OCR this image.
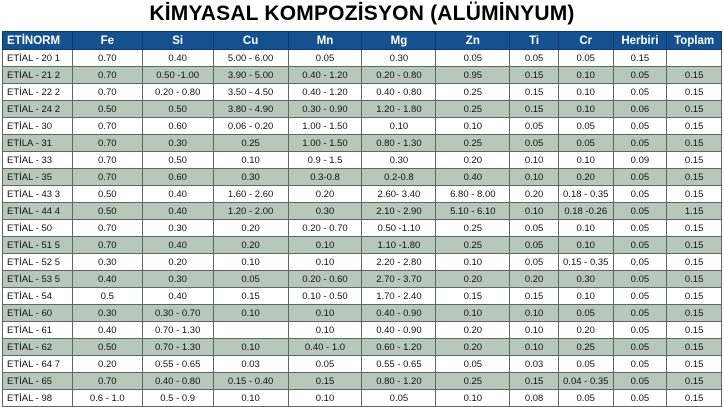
KİMYASAL KOMPOZİSYON (ALÜMİNYUM)
ETİNORM	Fe	Si	Cu	Mn	Mg	Zn	Ti	Cr	Herbiri	Toplam
ETİAL - 20 1	0.70	0.40	5.00 - 6.00	0.05	0.30	0.05	0.05	0.05	0.15	
ETİAL - 21 2	0.70	0.50 -1.00	3.90 - 5.00	0.40 - 1.20	0.20 - 0.80	0.95	0.15	0.10	0.05	0.15
ETİAL - 22 2	0.70	0.20 - 0.80	3.50 - 4.50	0.40 - 1.20	0.40 - 0.80	0.25	0.15	0.10	0.05	0.15
ETİAL - 24 2	0.50	0.50	3.80 - 4.90	0.30 - 0.90	1.20 - 1.80	0.25	0.15	0.10	0.06	0.15
ETİAL - 30	0.70	0.60	0.06 - 0.20	1.00 - 1.50	0.10	0.10	0.05	0.05	0.05	0.15
ETİLA - 31	0.70	0.30	0.25	1.00 - 1.50	0.80 - 1.30	0.25	0.05	0.05	0.05	0.15
ETİAL - 33	0.70	0.50	0.10	0.9 - 1.5	0.30	0.20	0.10	0.10	0.09	0.15
ETİAL - 35	0.70	0.60	0.30	0.3-0.8	0.2-0.8	0.40	0.10	0.20	0.05	0.15
ETİAL - 43 3	0.50	0.40	1.60 - 2.60	0.20	2.60- 3.40	6.80 - 8.00	0.20	0.18 - 0.35	0.05	0.15
ETİAL - 44 4	0.50	0.40	1.20 - 2.00	0.30	2.10 - 2.90	5.10 - 6.10	0.10	0.18 -0.26	0.05	1.15
ETİAL - 50	0.70	0.30	0.20	0.20 - 0.70	0.50 -1.10	0.25	0.05	0.10	0.05	0.15
ETİAL - 51 5	0.70	0.40	0.20	0.10	1.10 -1.80	0.25	0.05	0.10	0.05	0.15
ETİAL - 52 5	0.30	0.20	0.10	0.10	2.20 - 2.80	0.10	0.05	0.15 - 0.35	0.05	0.15
ETİAL - 53 5	0.40	0.30	0.05	0.20 - 0.60	2.70 - 3.70	0.20	0.20	0.30	0.05	0.15
ETİAL - 54	0.5	0.40	0.15	0.10 - 0.50	1.70 - 2.40	0.15	0.15	0.10	0.05	0.15
ETİAL - 60	0.30	0.30 - 0.70	0.10	0.10	0.40 - 0.90	0.10	0.10	0.05	0.05	0.15
ETİAL - 61	0.40	0.70 - 1.30		0.10	0.40 - 0.90	0.20	0.10	0.20	0.05	0.15
ETİAL - 62	0.50	0.70 - 1.30	0.10	0.40 - 1.0	0.60 - 1.20	0.20	0.10	0.25	0.05	0.15
ETİAL - 64 7	0.20	0.55 - 0.65	0.03	0.05	0.55 - 0.65	0.05	0.03	0.05	0.05	0.15
ETİAL - 65	0.70	0.40 - 0.80	0.15 - 0.40	0.15	0.80 - 1.20	0.25	0.15	0.04 - 0.35	0.05	0.15
ETİAL - 98	0.6 - 1.0	0.5 - 0.9	0.10	0.10	0.05	0.10	0.08	0.05	0.05	0.15
